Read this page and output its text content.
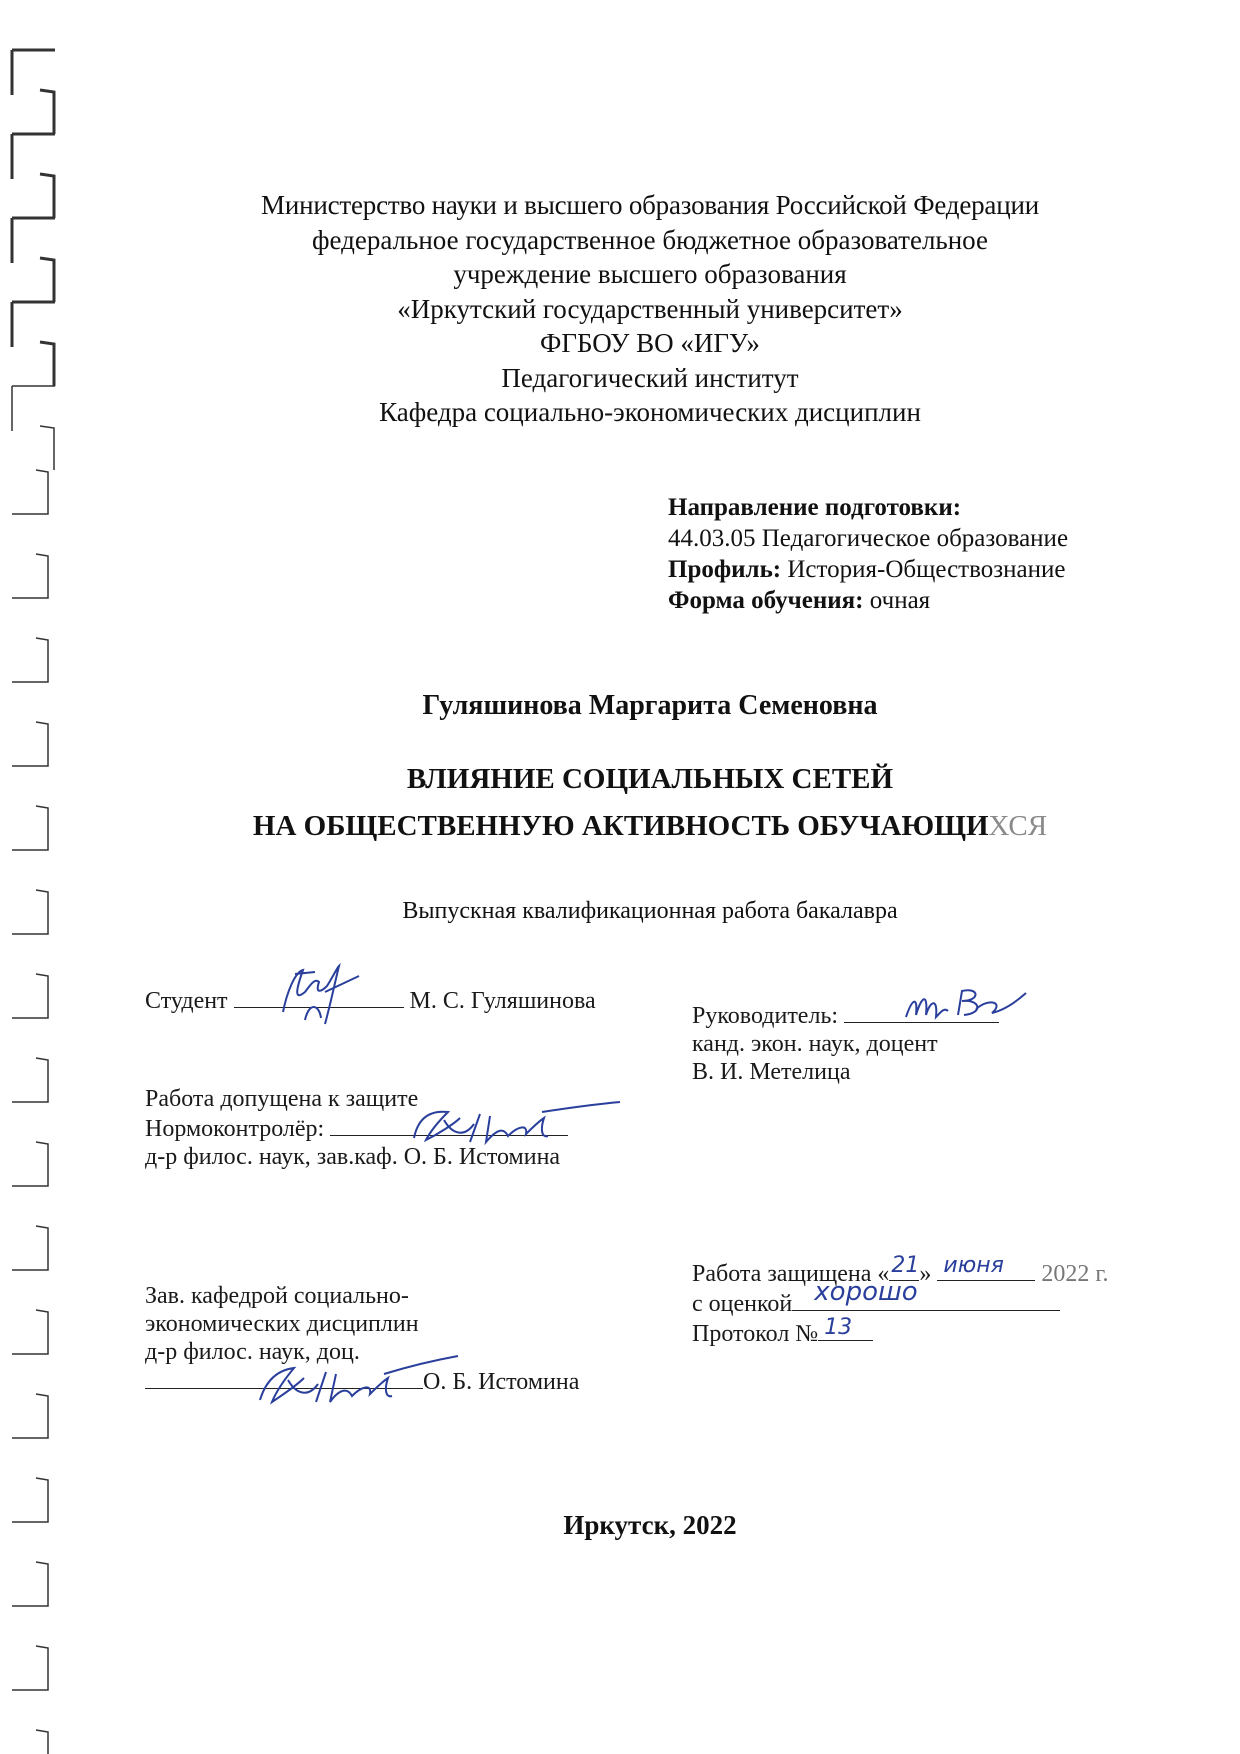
Министерство науки и высшего образования Российской Федерации
федеральное государственное бюджетное образовательное
учреждение высшего образования
«Иркутский государственный университет»
ФГБОУ ВО «ИГУ»
Педагогический институт
Кафедра социально-экономических дисциплин
Направление подготовки:
44.03.05 Педагогическое образование
Профиль: История-Обществознание
Форма обучения: очная
Гуляшинова Маргарита Семеновна
ВЛИЯНИЕ СОЦИАЛЬНЫХ СЕТЕЙ
НА ОБЩЕСТВЕННУЮ АКТИВНОСТЬ ОБУЧАЮЩИХСЯ
Выпускная квалификационная работа бакалавра
Студент	М. С. Гуляшинова
Руководитель:
канд. экон. наук, доцент
В. И. Метелица
Работа допущена к защите
Нормоконтролёр:
д-р филос. наук, зав.каф. О. Б. Истомина
Зав. кафедрой социально-
экономических дисциплин
д-р филос. наук, доц.
О. Б. Истомина
Работа защищена « 21 » июня 2022 г.
с оценкой хорошо
Протокол № 13
Иркутск, 2022
